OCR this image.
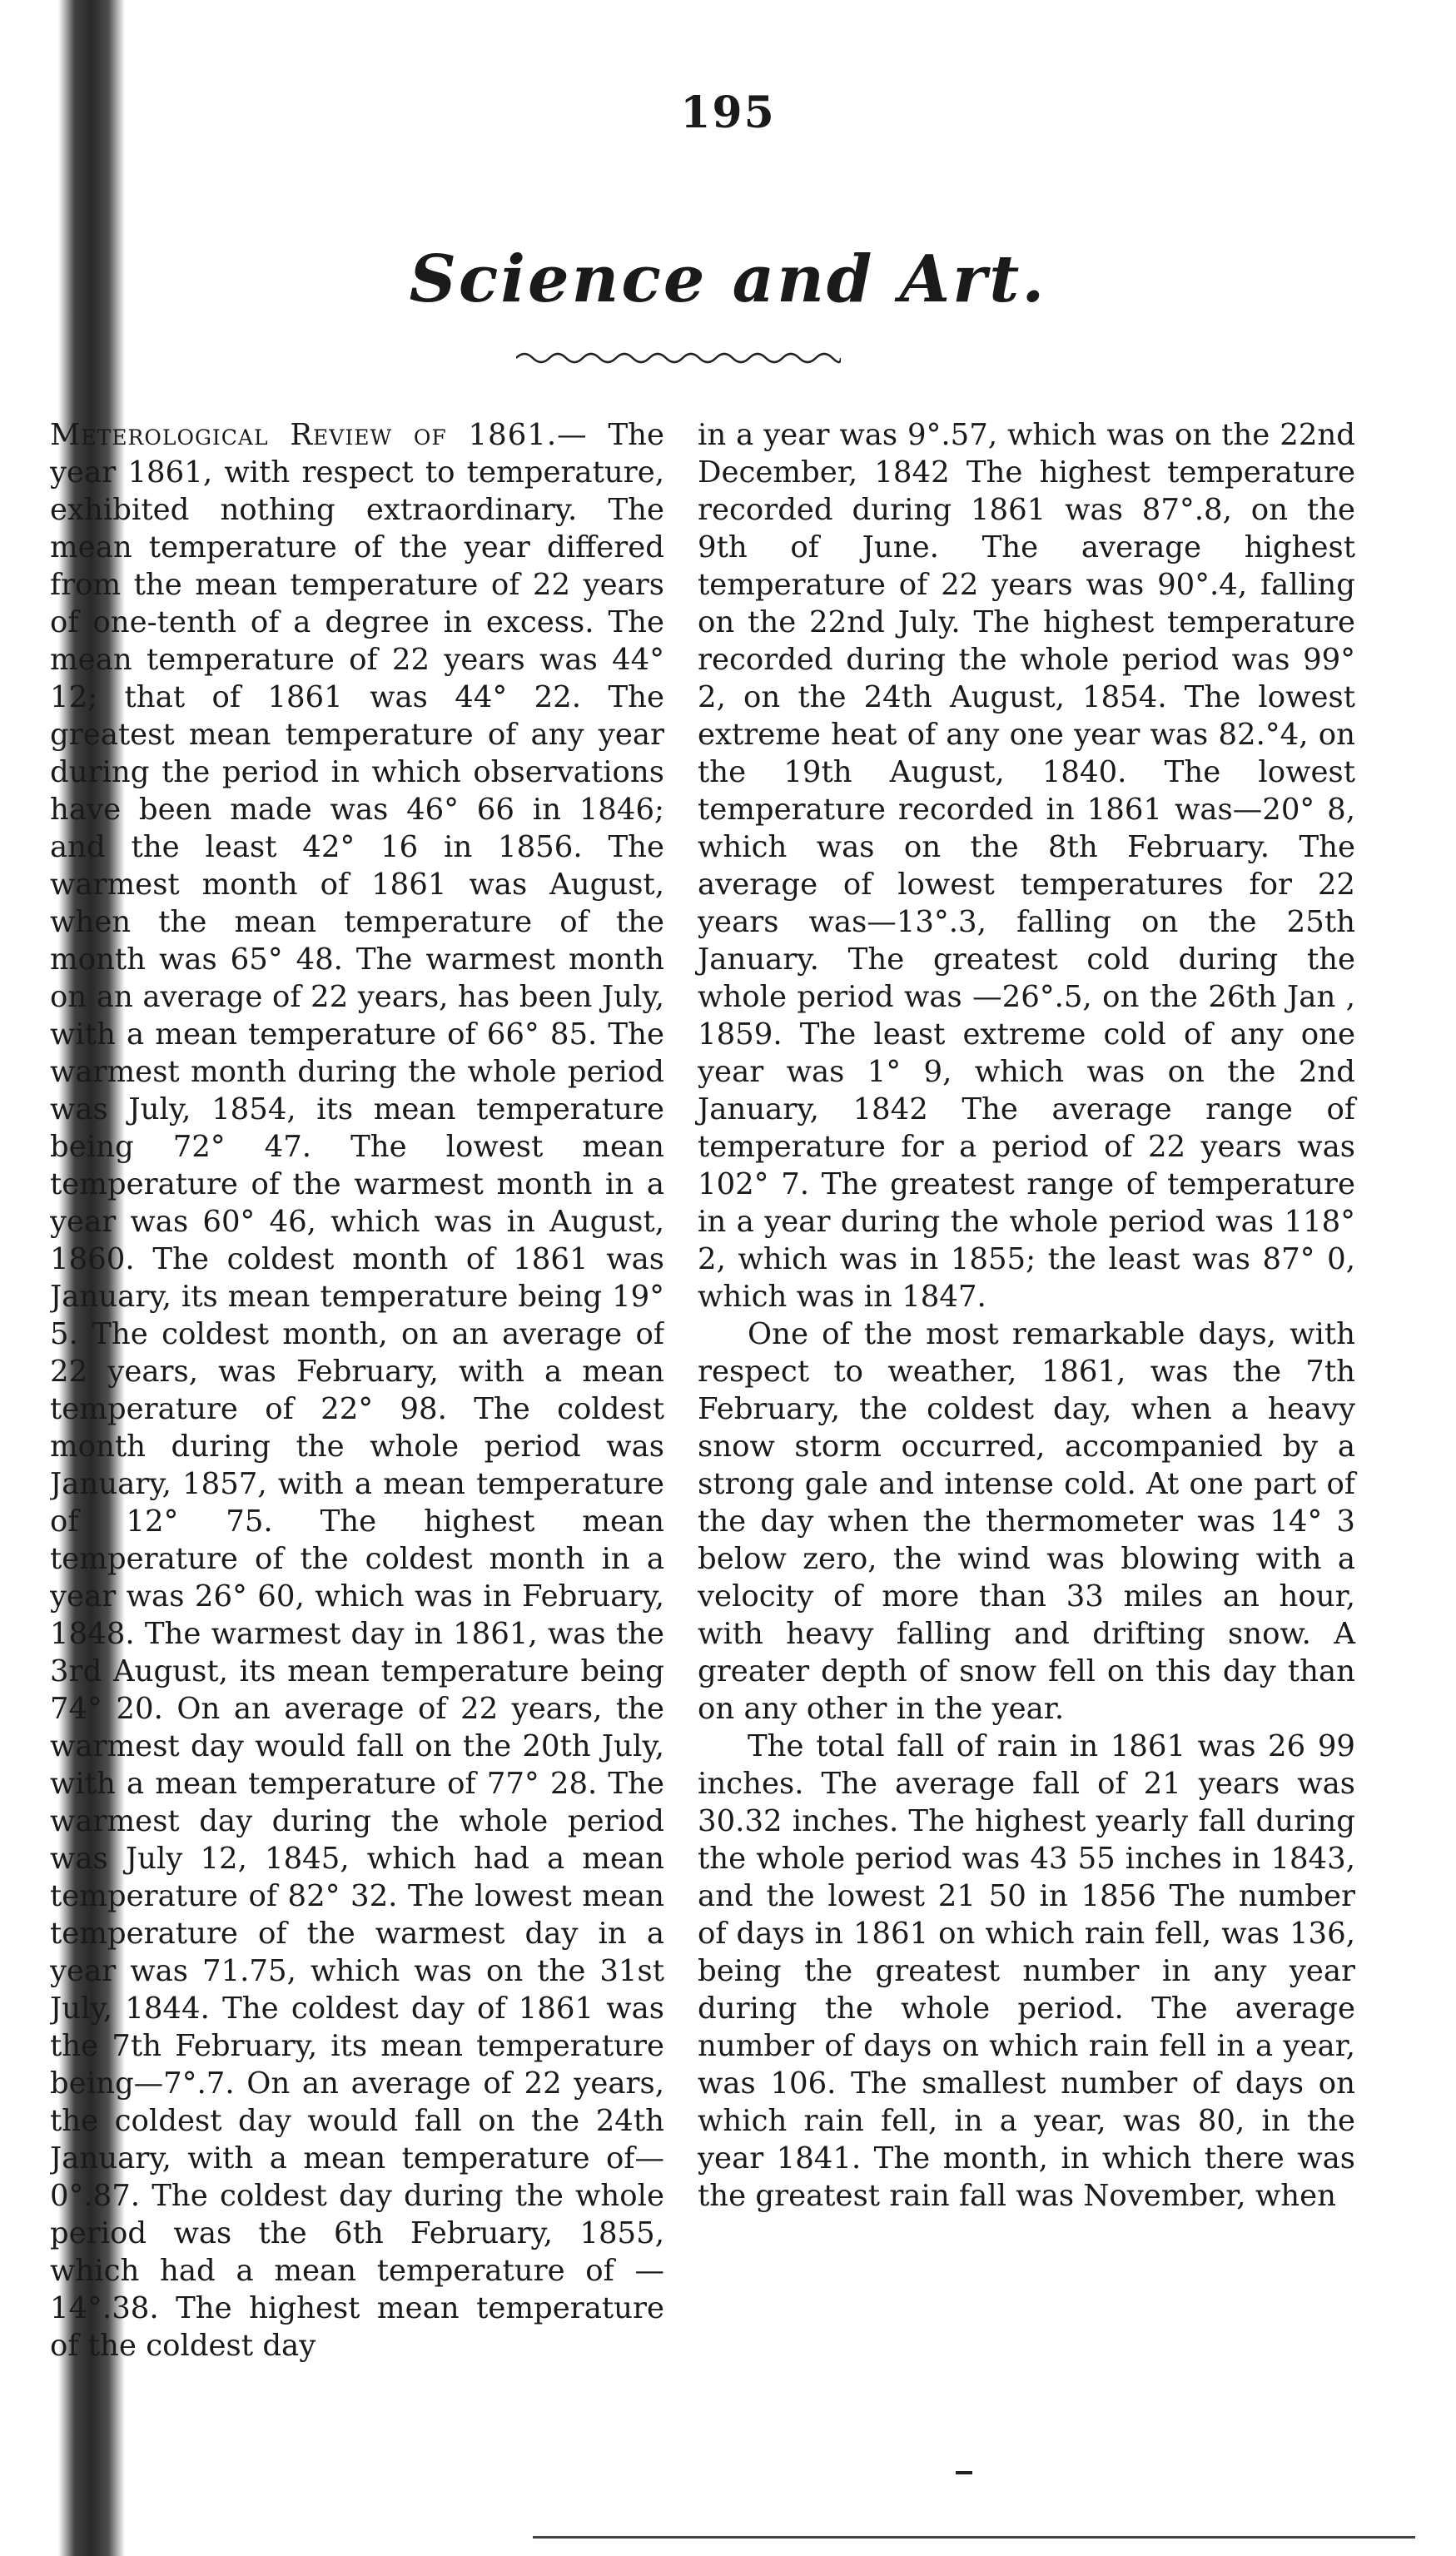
195
Science and Art.

Meterological Review of 1861.— The year 1861, with respect to temperature, exhibited nothing extraordinary. The mean temperature of the year differed from the mean temperature of 22 years of one-tenth of a degree in excess. The mean temperature of 22 years was 44° 12; that of 1861 was 44° 22. The greatest mean temperature of any year during the period in which observations have been made was 46° 66 in 1846; and the least 42° 16 in 1856. The warmest month of 1861 was August, when the mean temperature of the month was 65° 48. The warmest month on an average of 22 years, has been July, with a mean temperature of 66° 85. The warmest month during the whole period was July, 1854, its mean temperature being 72° 47. The lowest mean temperature of the warmest month in a year was 60° 46, which was in August, 1860. The coldest month of 1861 was January, its mean temperature being 19° 5. The coldest month, on an average of 22 years, was February, with a mean temperature of 22° 98. The coldest month during the whole period was January, 1857, with a mean temperature of 12° 75. The highest mean temperature of the coldest month in a year was 26° 60, which was in February, 1848. The warmest day in 1861, was the 3rd August, its mean temperature being 74° 20. On an average of 22 years, the warmest day would fall on the 20th July, with a mean temperature of 77° 28. The warmest day during the whole period was July 12, 1845, which had a mean temperature of 82° 32. The lowest mean temperature of the warmest day in a year was 71.75, which was on the 31st July, 1844. The coldest day of 1861 was the 7th February, its mean temperature being—7°.7. On an average of 22 years, the coldest day would fall on the 24th January, with a mean temperature of—0°.87. The coldest day during the whole period was the 6th February, 1855, which had a mean temperature of — 14°.38. The highest mean temperature of the coldest day

in a year was 9°.57, which was on the 22nd December, 1842 The highest temperature recorded during 1861 was 87°.8, on the 9th of June. The average highest temperature of 22 years was 90°.4, falling on the 22nd July. The highest temperature recorded during the whole period was 99° 2, on the 24th August, 1854. The lowest extreme heat of any one year was 82.°4, on the 19th August, 1840. The lowest temperature recorded in 1861 was—20° 8, which was on the 8th February. The average of lowest temperatures for 22 years was—13°.3, falling on the 25th January. The greatest cold during the whole period was —26°.5, on the 26th Jan , 1859. The least extreme cold of any one year was 1° 9, which was on the 2nd January, 1842 The average range of temperature for a period of 22 years was 102° 7. The greatest range of temperature in a year during the whole period was 118° 2, which was in 1855; the least was 87° 0, which was in 1847.

One of the most remarkable days, with respect to weather, 1861, was the 7th February, the coldest day, when a heavy snow storm occurred, accompanied by a strong gale and intense cold. At one part of the day when the thermometer was 14° 3 below zero, the wind was blowing with a velocity of more than 33 miles an hour, with heavy falling and drifting snow. A greater depth of snow fell on this day than on any other in the year.

The total fall of rain in 1861 was 26 99 inches. The average fall of 21 years was 30.32 inches. The highest yearly fall during the whole period was 43 55 inches in 1843, and the lowest 21 50 in 1856 The number of days in 1861 on which rain fell, was 136, being the greatest number in any year during the whole period. The average number of days on which rain fell in a year, was 106. The smallest number of days on which rain fell, in a year, was 80, in the year 1841. The month, in which there was the greatest rain fall was November, when
